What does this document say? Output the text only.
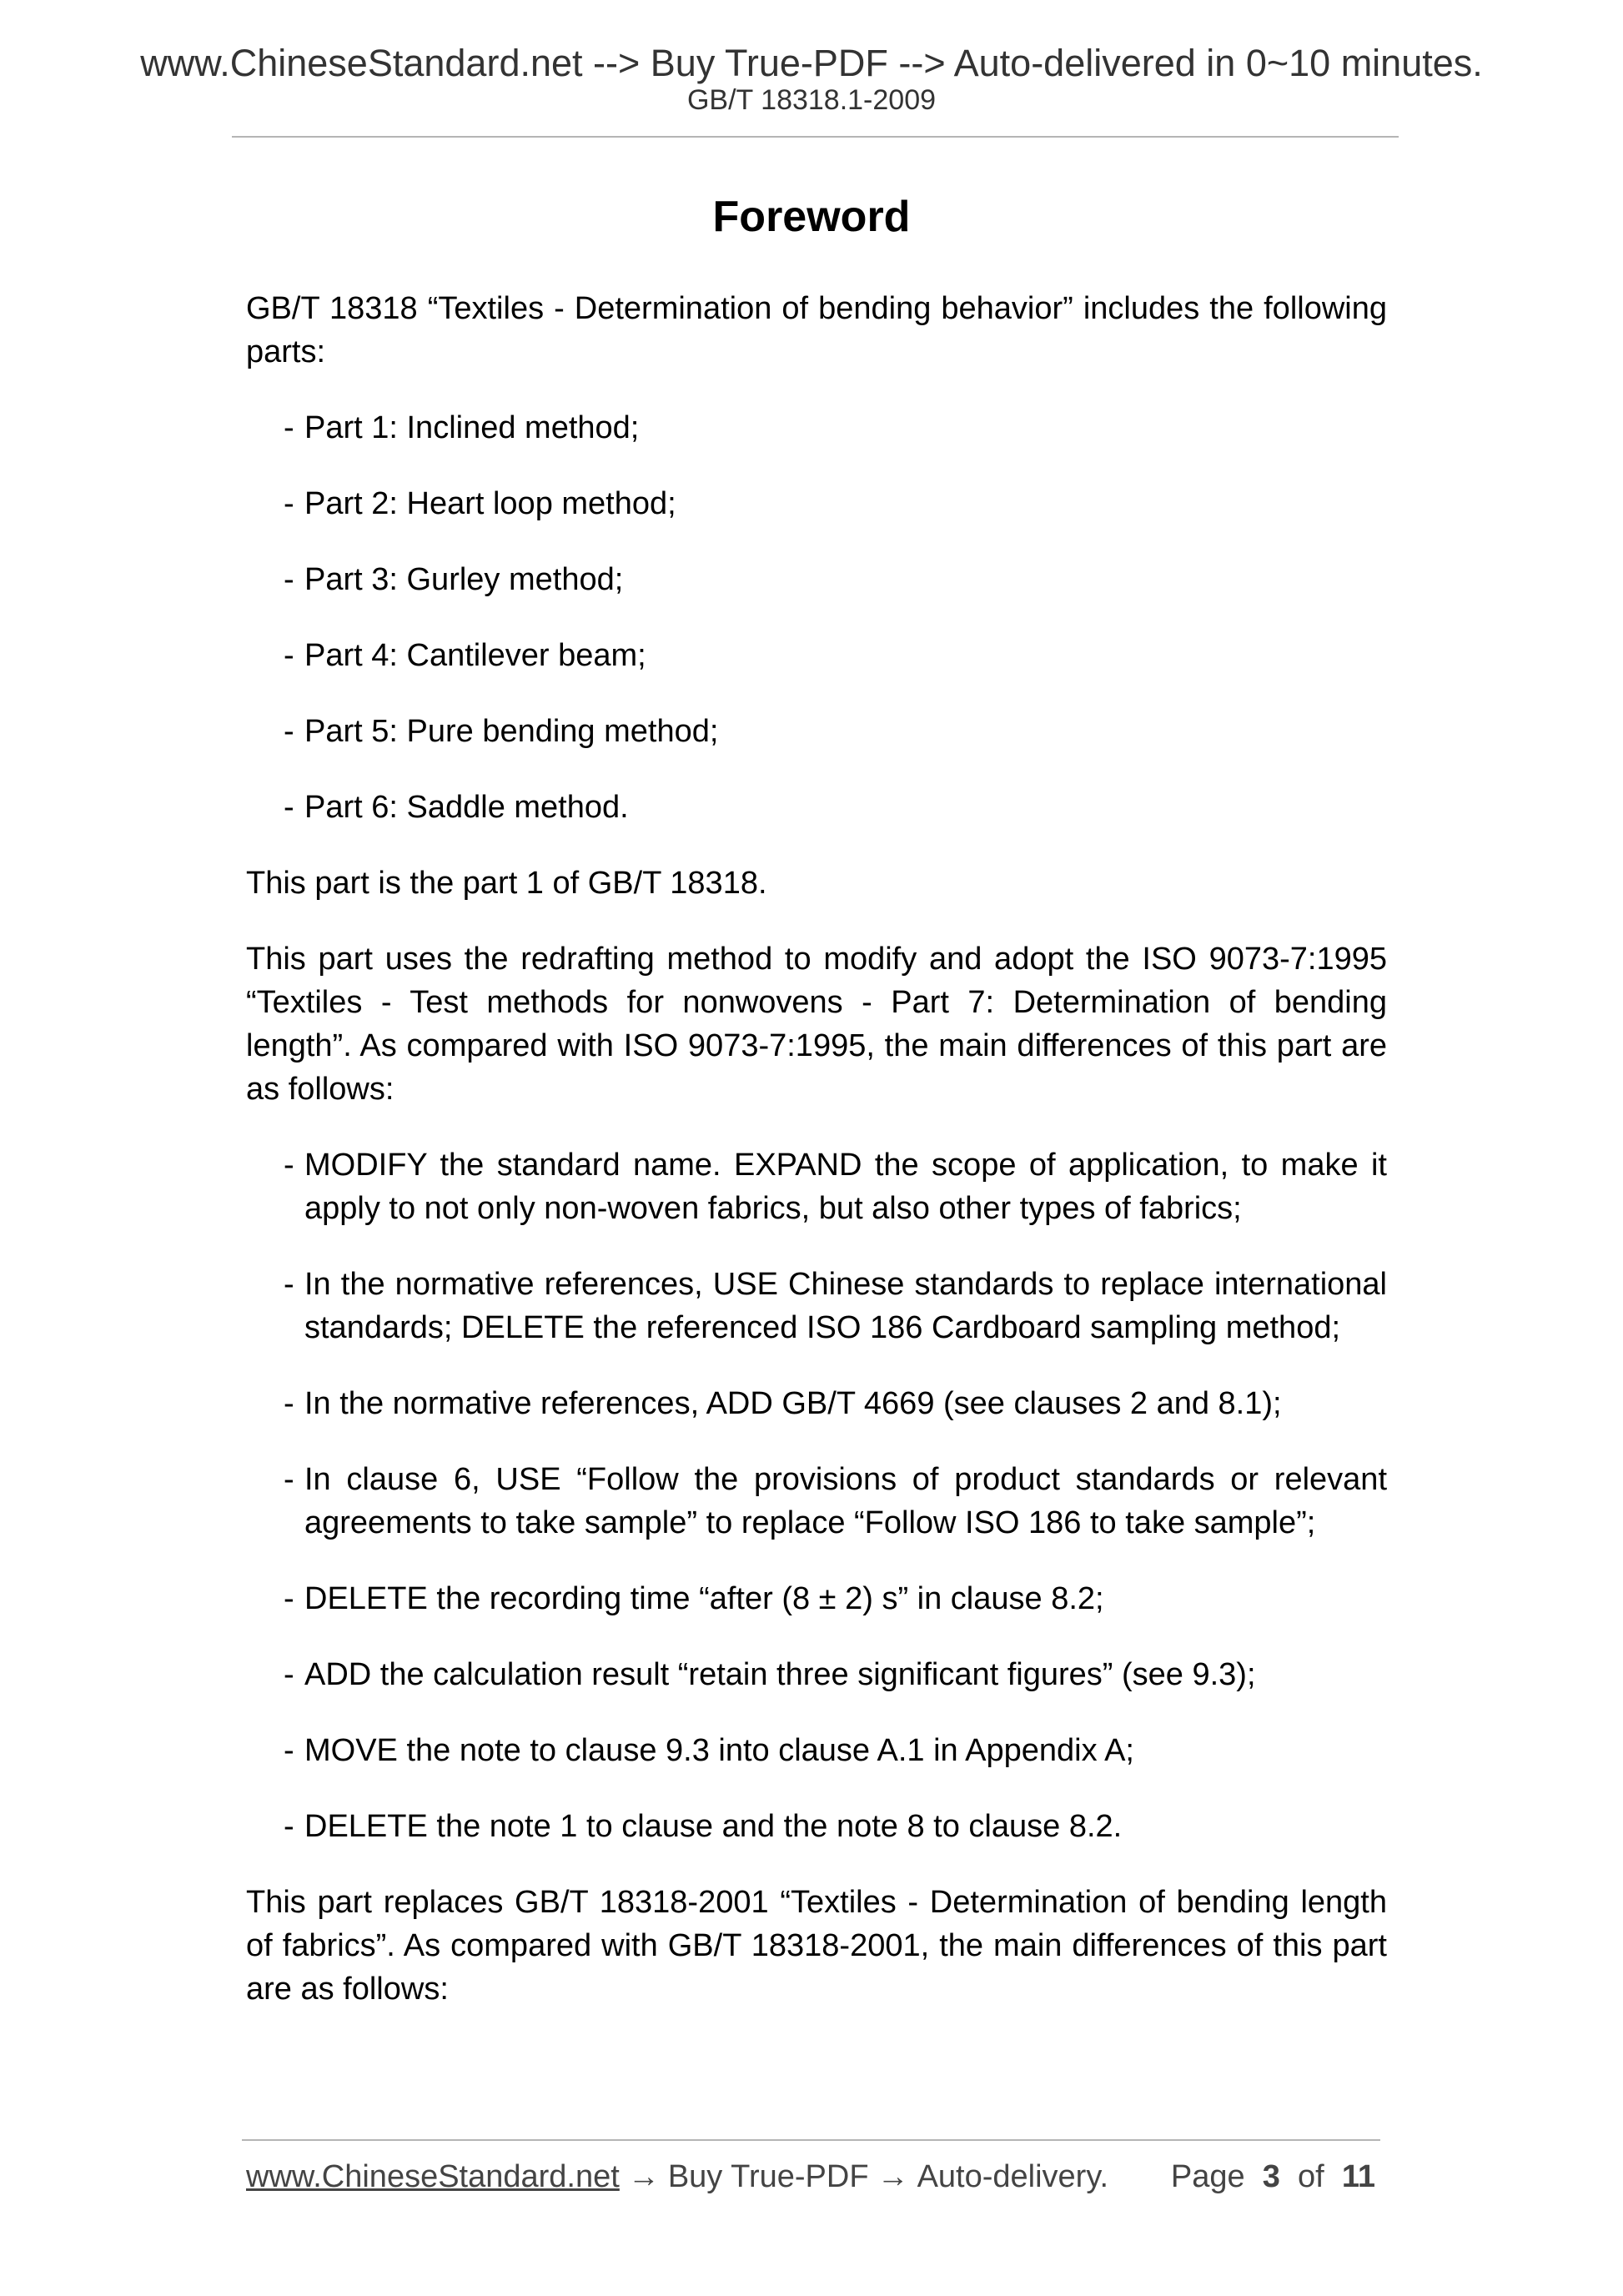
www.ChineseStandard.net --> Buy True-PDF --> Auto-delivered in 0~10 minutes.
GB/T 18318.1-2009
Foreword

GB/T 18318 “Textiles - Determination of bending behavior” includes the following parts:

- Part 1: Inclined method;
- Part 2: Heart loop method;
- Part 3: Gurley method;
- Part 4: Cantilever beam;
- Part 5: Pure bending method;
- Part 6: Saddle method.

This part is the part 1 of GB/T 18318.

This part uses the redrafting method to modify and adopt the ISO 9073-7:1995 “Textiles - Test methods for nonwovens - Part 7: Determination of bending length”. As compared with ISO 9073-7:1995, the main differences of this part are as follows:

- MODIFY the standard name. EXPAND the scope of application, to make it apply to not only non-woven fabrics, but also other types of fabrics;
- In the normative references, USE Chinese standards to replace international standards; DELETE the referenced ISO 186 Cardboard sampling method;
- In the normative references, ADD GB/T 4669 (see clauses 2 and 8.1);
- In clause 6, USE “Follow the provisions of product standards or relevant agreements to take sample” to replace “Follow ISO 186 to take sample”;
- DELETE the recording time “after (8 ± 2) s” in clause 8.2;
- ADD the calculation result “retain three significant figures” (see 9.3);
- MOVE the note to clause 9.3 into clause A.1 in Appendix A;
- DELETE the note 1 to clause and the note 8 to clause 8.2.

This part replaces GB/T 18318-2001 “Textiles - Determination of bending length of fabrics”. As compared with GB/T 18318-2001, the main differences of this part are as follows:

www.ChineseStandard.net → Buy True-PDF → Auto-delivery. Page 3 of 11
